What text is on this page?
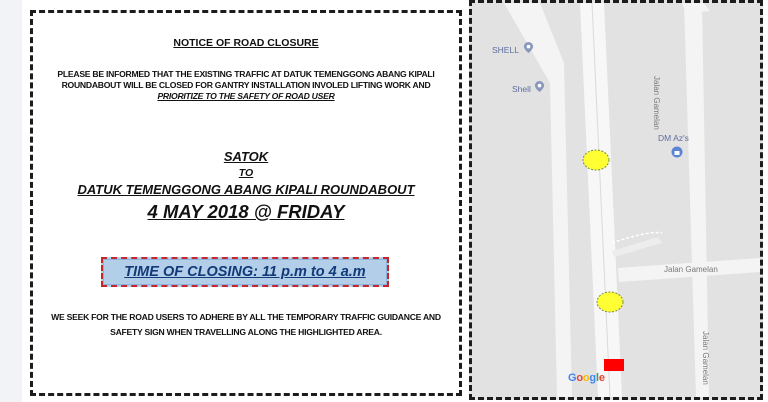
NOTICE OF ROAD CLOSURE
PLEASE BE INFORMED THAT THE EXISTING TRAFFIC AT DATUK TEMENGGONG ABANG KIPALI ROUNDABOUT WILL BE CLOSED FOR GANTRY INSTALLATION INVOLED LIFTING WORK AND
PRIORITIZE TO THE SAFETY OF ROAD USER
SATOK
TO
DATUK TEMENGGONG ABANG KIPALI ROUNDABOUT
4 MAY 2018 @ FRIDAY
TIME OF CLOSING: 11 p.m to 4 a.m
WE SEEK FOR THE ROAD USERS TO ADHERE BY ALL THE TEMPORARY TRAFFIC GUIDANCE AND SAFETY SIGN WHEN TRAVELLING ALONG THE HIGHLIGHTED AREA.
SHELL
Shell
DM Az's
Jalan Gamelan
Jalan Gamelan
Jalan Gamelan
Google
